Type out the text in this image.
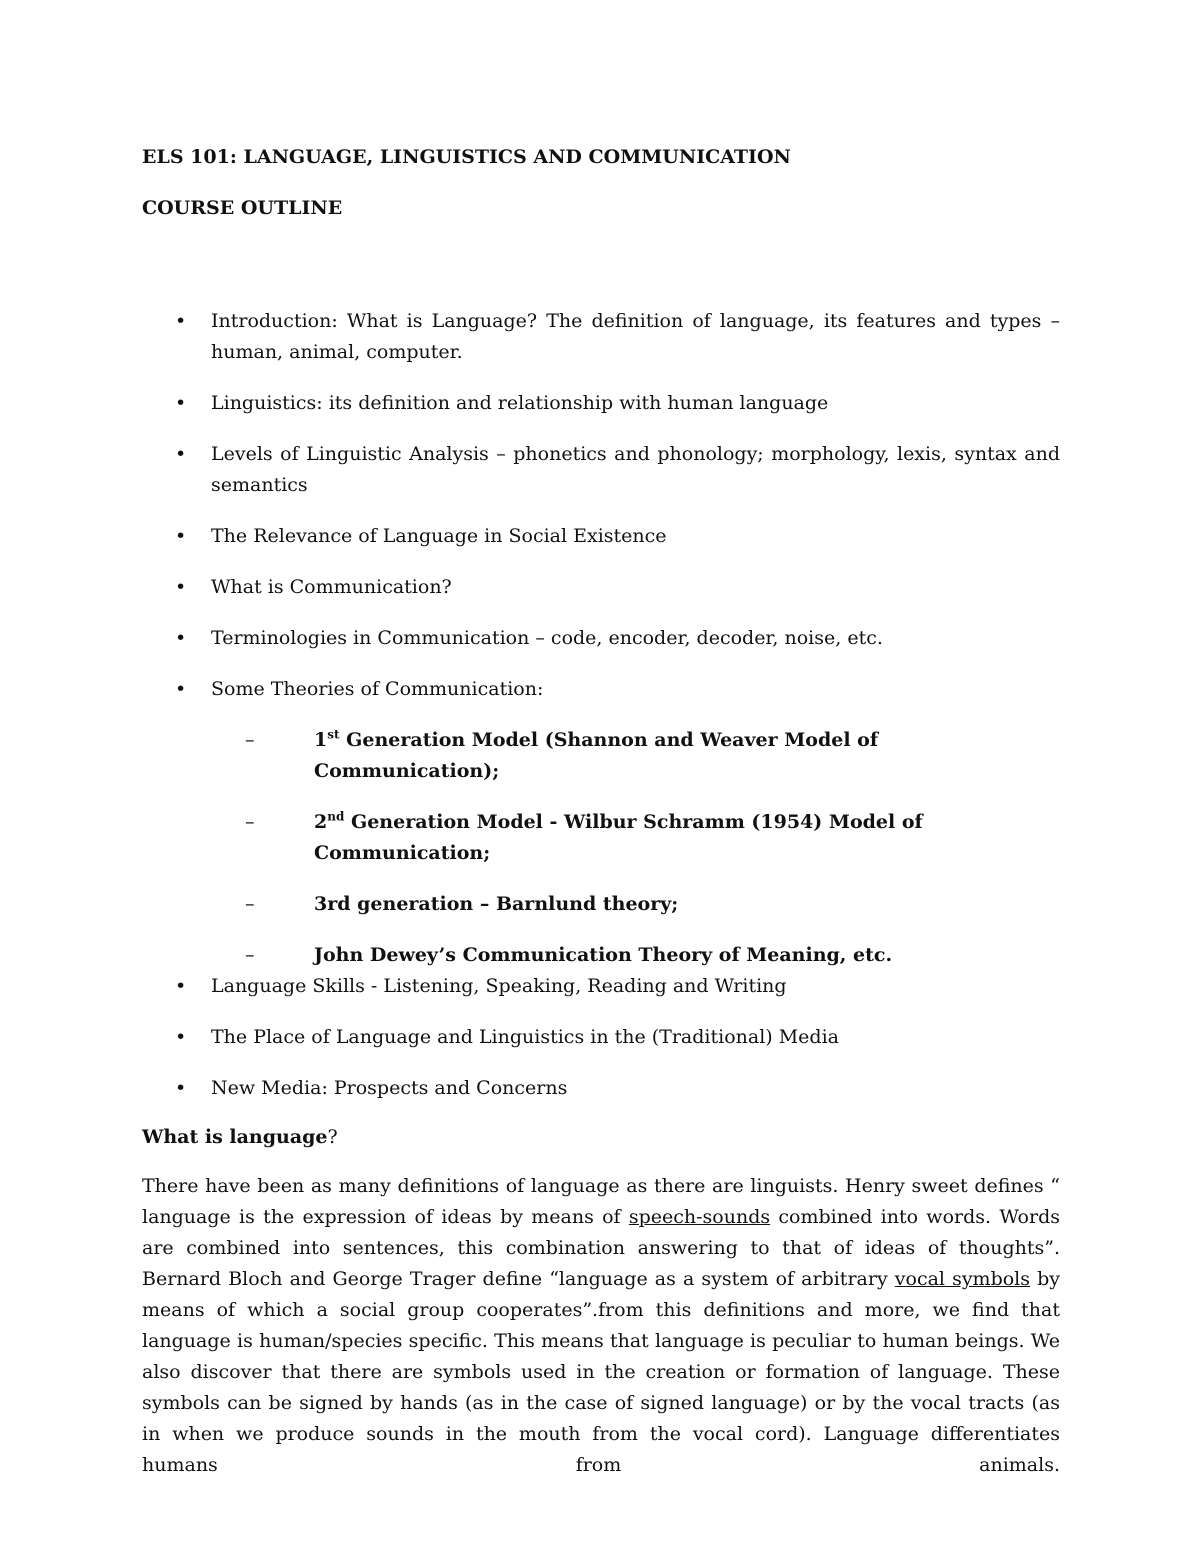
ELS 101: LANGUAGE, LINGUISTICS AND COMMUNICATION
COURSE OUTLINE
• Introduction: What is Language? The definition of language, its features and types – human, animal, computer.
• Linguistics: its definition and relationship with human language
• Levels of Linguistic Analysis – phonetics and phonology; morphology, lexis, syntax and semantics
• The Relevance of Language in Social Existence
• What is Communication?
• Terminologies in Communication – code, encoder, decoder, noise, etc.
• Some Theories of Communication:
–	1st Generation Model (Shannon and Weaver Model of Communication);
–	2nd Generation Model - Wilbur Schramm (1954) Model of Communication;
–	3rd generation – Barnlund theory;
–	John Dewey’s Communication Theory of Meaning, etc.
• Language Skills - Listening, Speaking, Reading and Writing
• The Place of Language and Linguistics in the (Traditional) Media
• New Media: Prospects and Concerns
What is language?

There have been as many definitions of language as there are linguists. Henry sweet defines “ language is the expression of ideas by means of speech-sounds combined into words. Words are combined into sentences, this combination answering to that of ideas of thoughts”. Bernard Bloch and George Trager define “language as a system of arbitrary vocal symbols by means of which a social group cooperates”.from this definitions and more, we find that language is human/species specific. This means that language is peculiar to human beings. We also discover that there are symbols used in the creation or formation of language. These symbols can be signed by hands (as in the case of signed language) or by the vocal tracts (as in when we produce sounds in the mouth from the vocal cord). Language differentiates humans from animals.
